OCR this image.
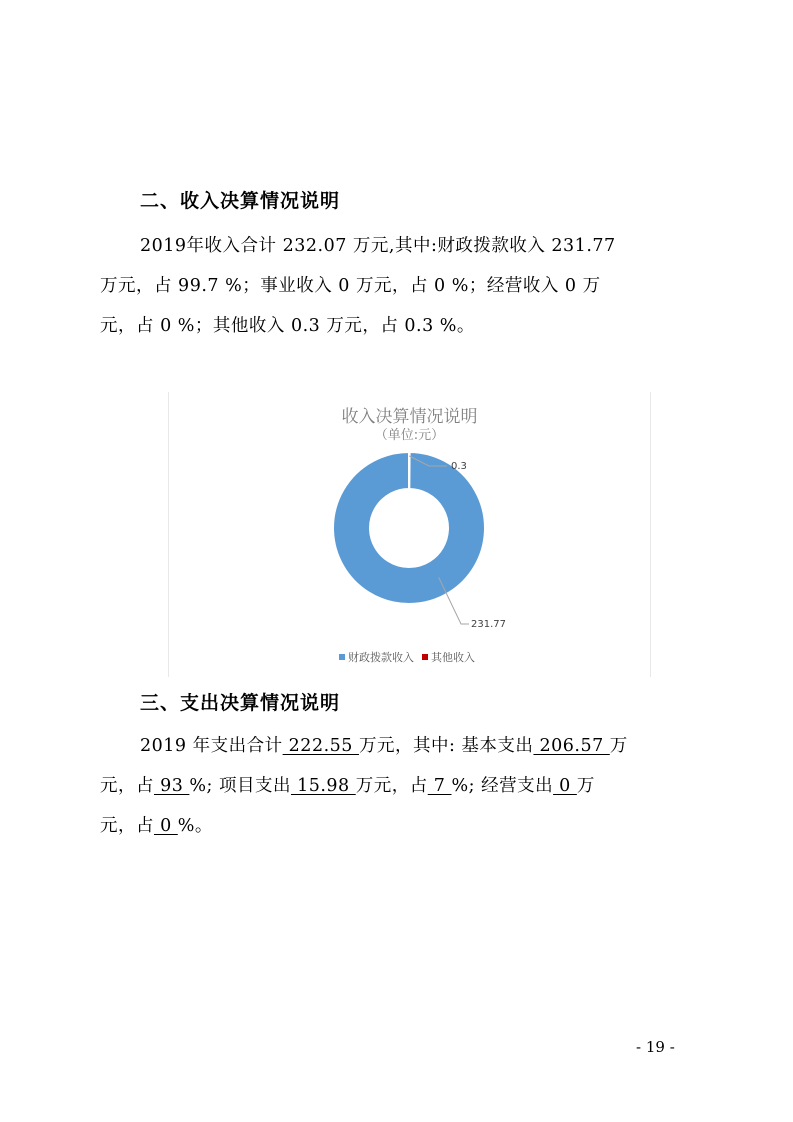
二、收入决算情况说明
2019年收入合计 232.07 万元,其中:财政拨款收入 231.77
万元，占 99.7 %；事业收入 0 万元，占 0 %；经营收入 0 万
元，占 0 %；其他收入 0.3 万元，占 0.3 %。
收入决算情况说明
（单位:元）
231.77
0.3
财政拨款收入 其他收入
三、支出决算情况说明
2019 年支出合计 222.55 万元，其中: 基本支出 206.57 万
元，占 93 %; 项目支出 15.98 万元，占 7 %; 经营支出 0 万
元，占 0 %。
- 19 -
